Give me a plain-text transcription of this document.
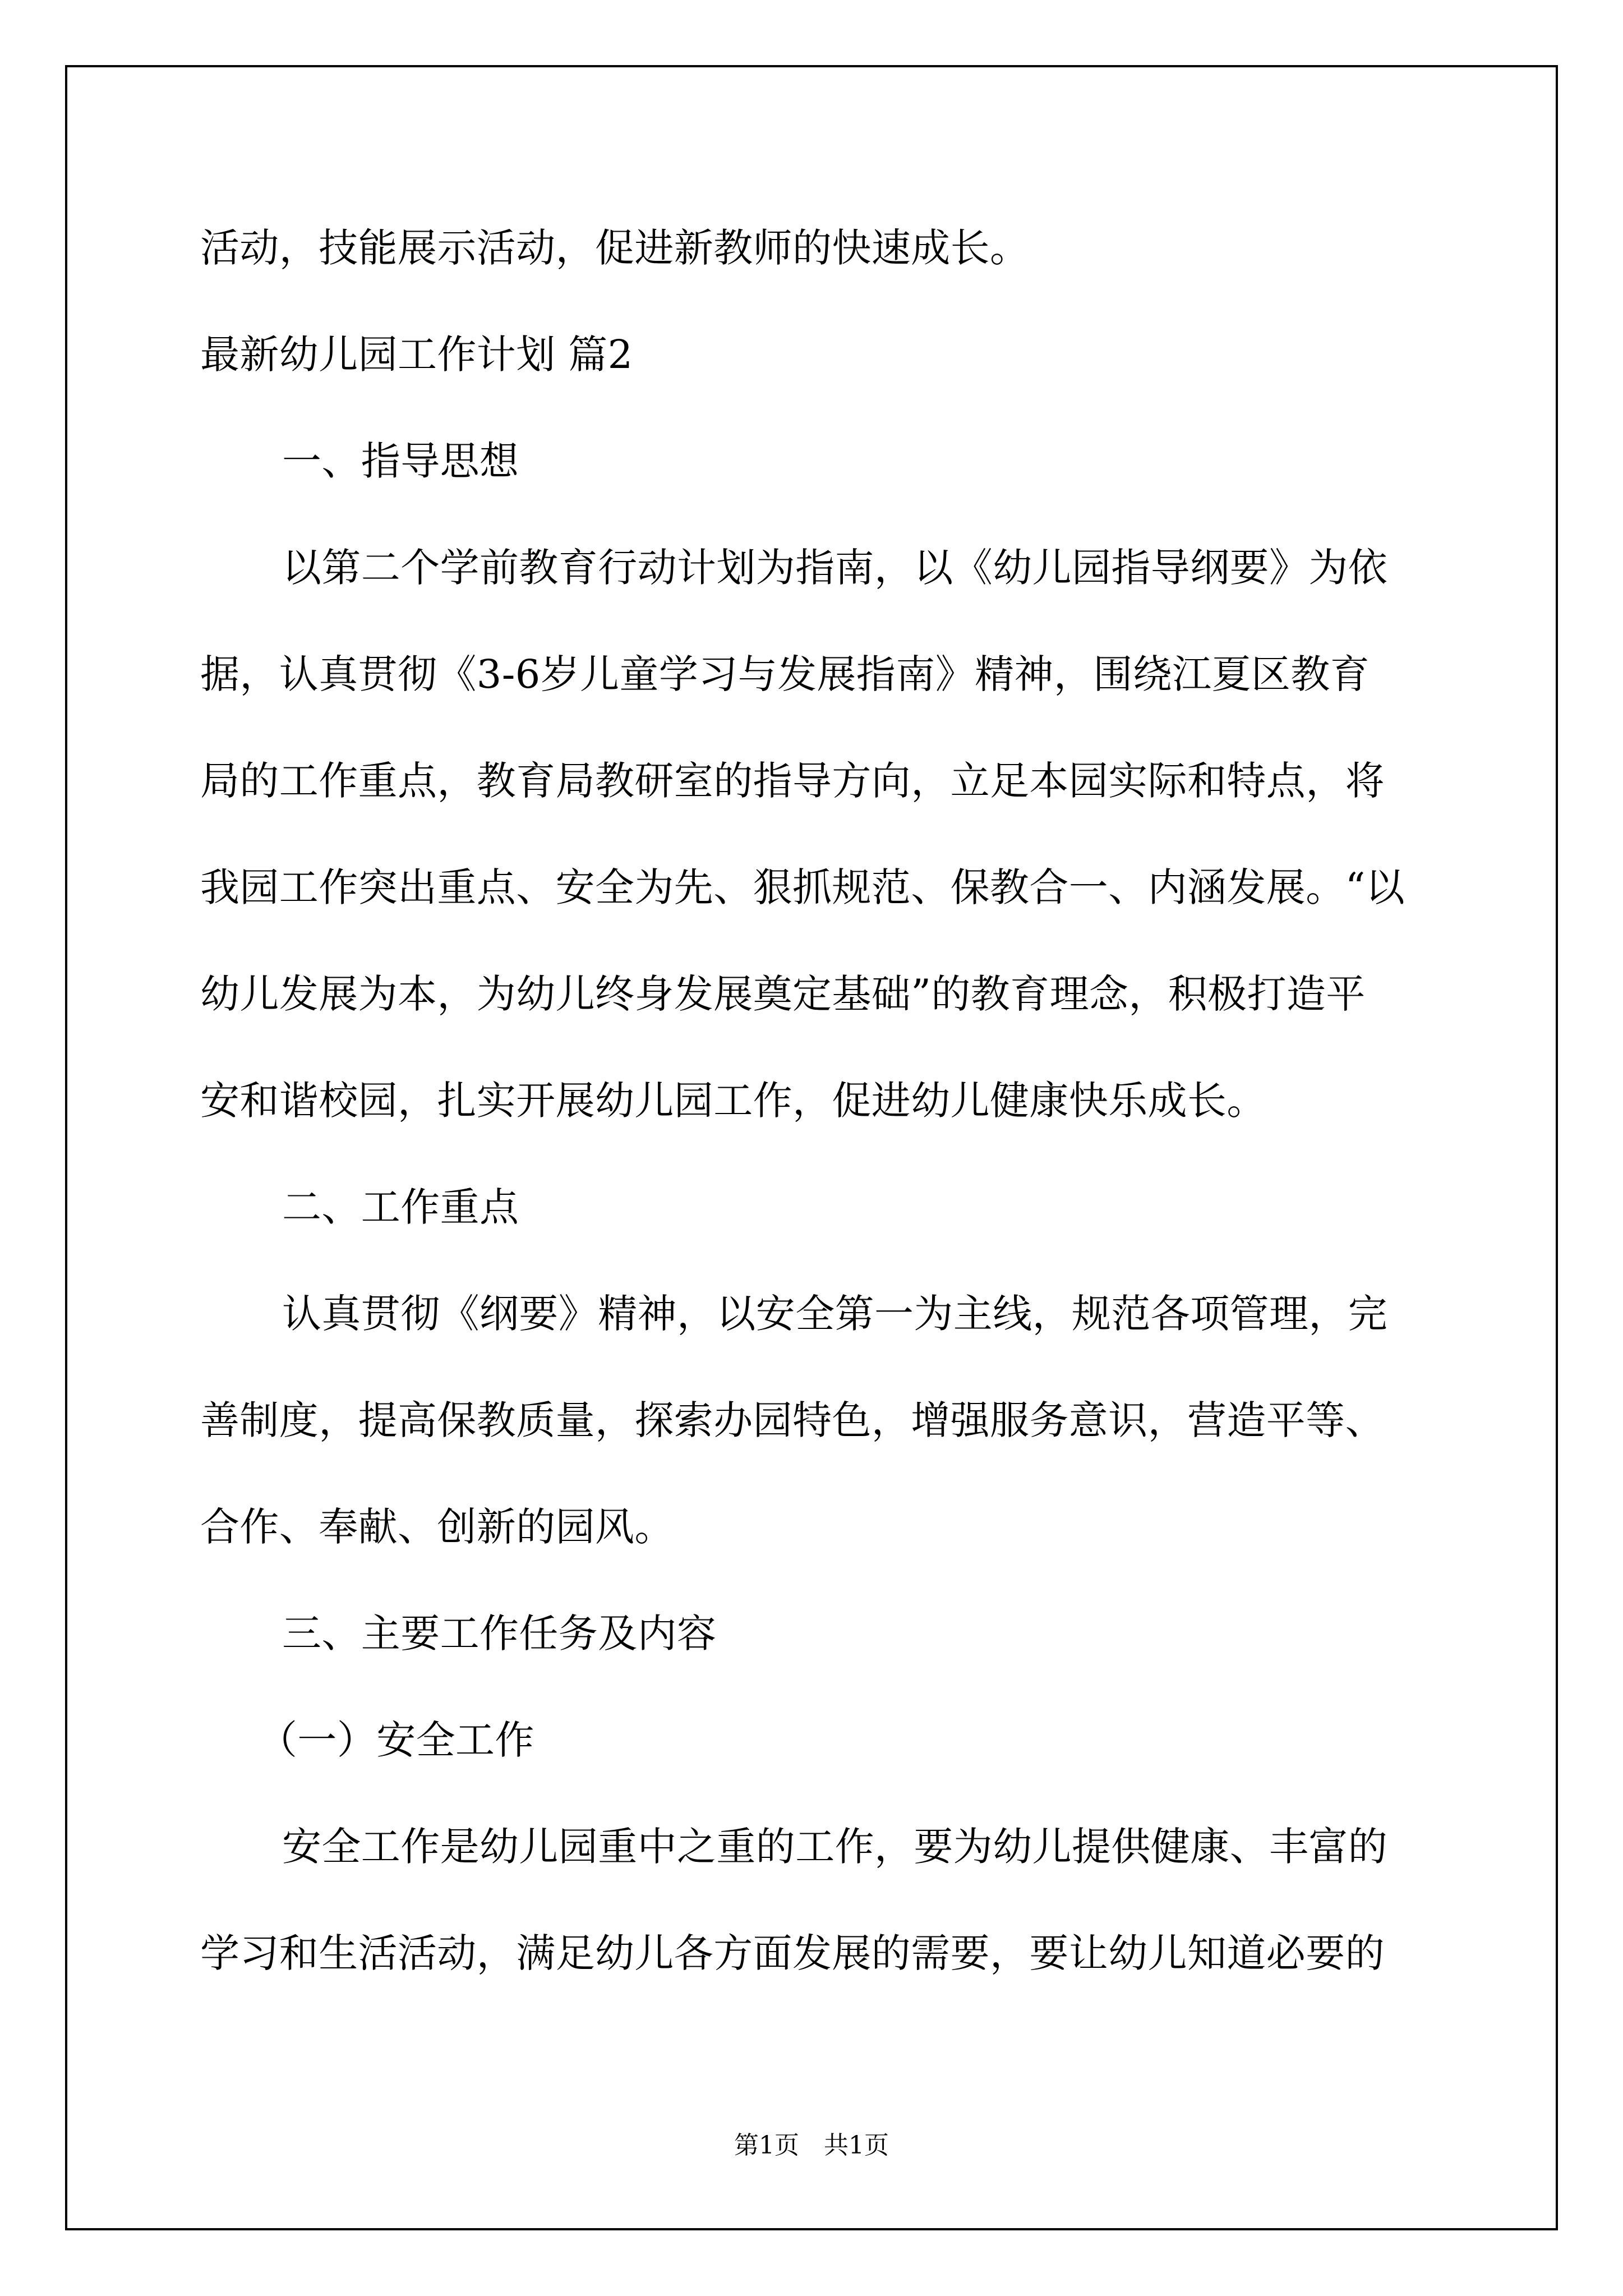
活动，技能展示活动，促进新教师的快速成长。
最新幼儿园工作计划 篇2
一、指导思想
以第二个学前教育行动计划为指南，以《幼儿园指导纲要》为依
据，认真贯彻《3-6岁儿童学习与发展指南》精神，围绕江夏区教育
局的工作重点，教育局教研室的指导方向，立足本园实际和特点，将
我园工作突出重点、安全为先、狠抓规范、保教合一、内涵发展。“以
幼儿发展为本，为幼儿终身发展奠定基础”的教育理念，积极打造平
安和谐校园，扎实开展幼儿园工作，促进幼儿健康快乐成长。
二、工作重点
认真贯彻《纲要》精神，以安全第一为主线，规范各项管理，完
善制度，提高保教质量，探索办园特色，增强服务意识，营造平等、
合作、奉献、创新的园风。
三、主要工作任务及内容
（一）安全工作
安全工作是幼儿园重中之重的工作，要为幼儿提供健康、丰富的
学习和生活活动，满足幼儿各方面发展的需要，要让幼儿知道必要的
第1页　共1页
